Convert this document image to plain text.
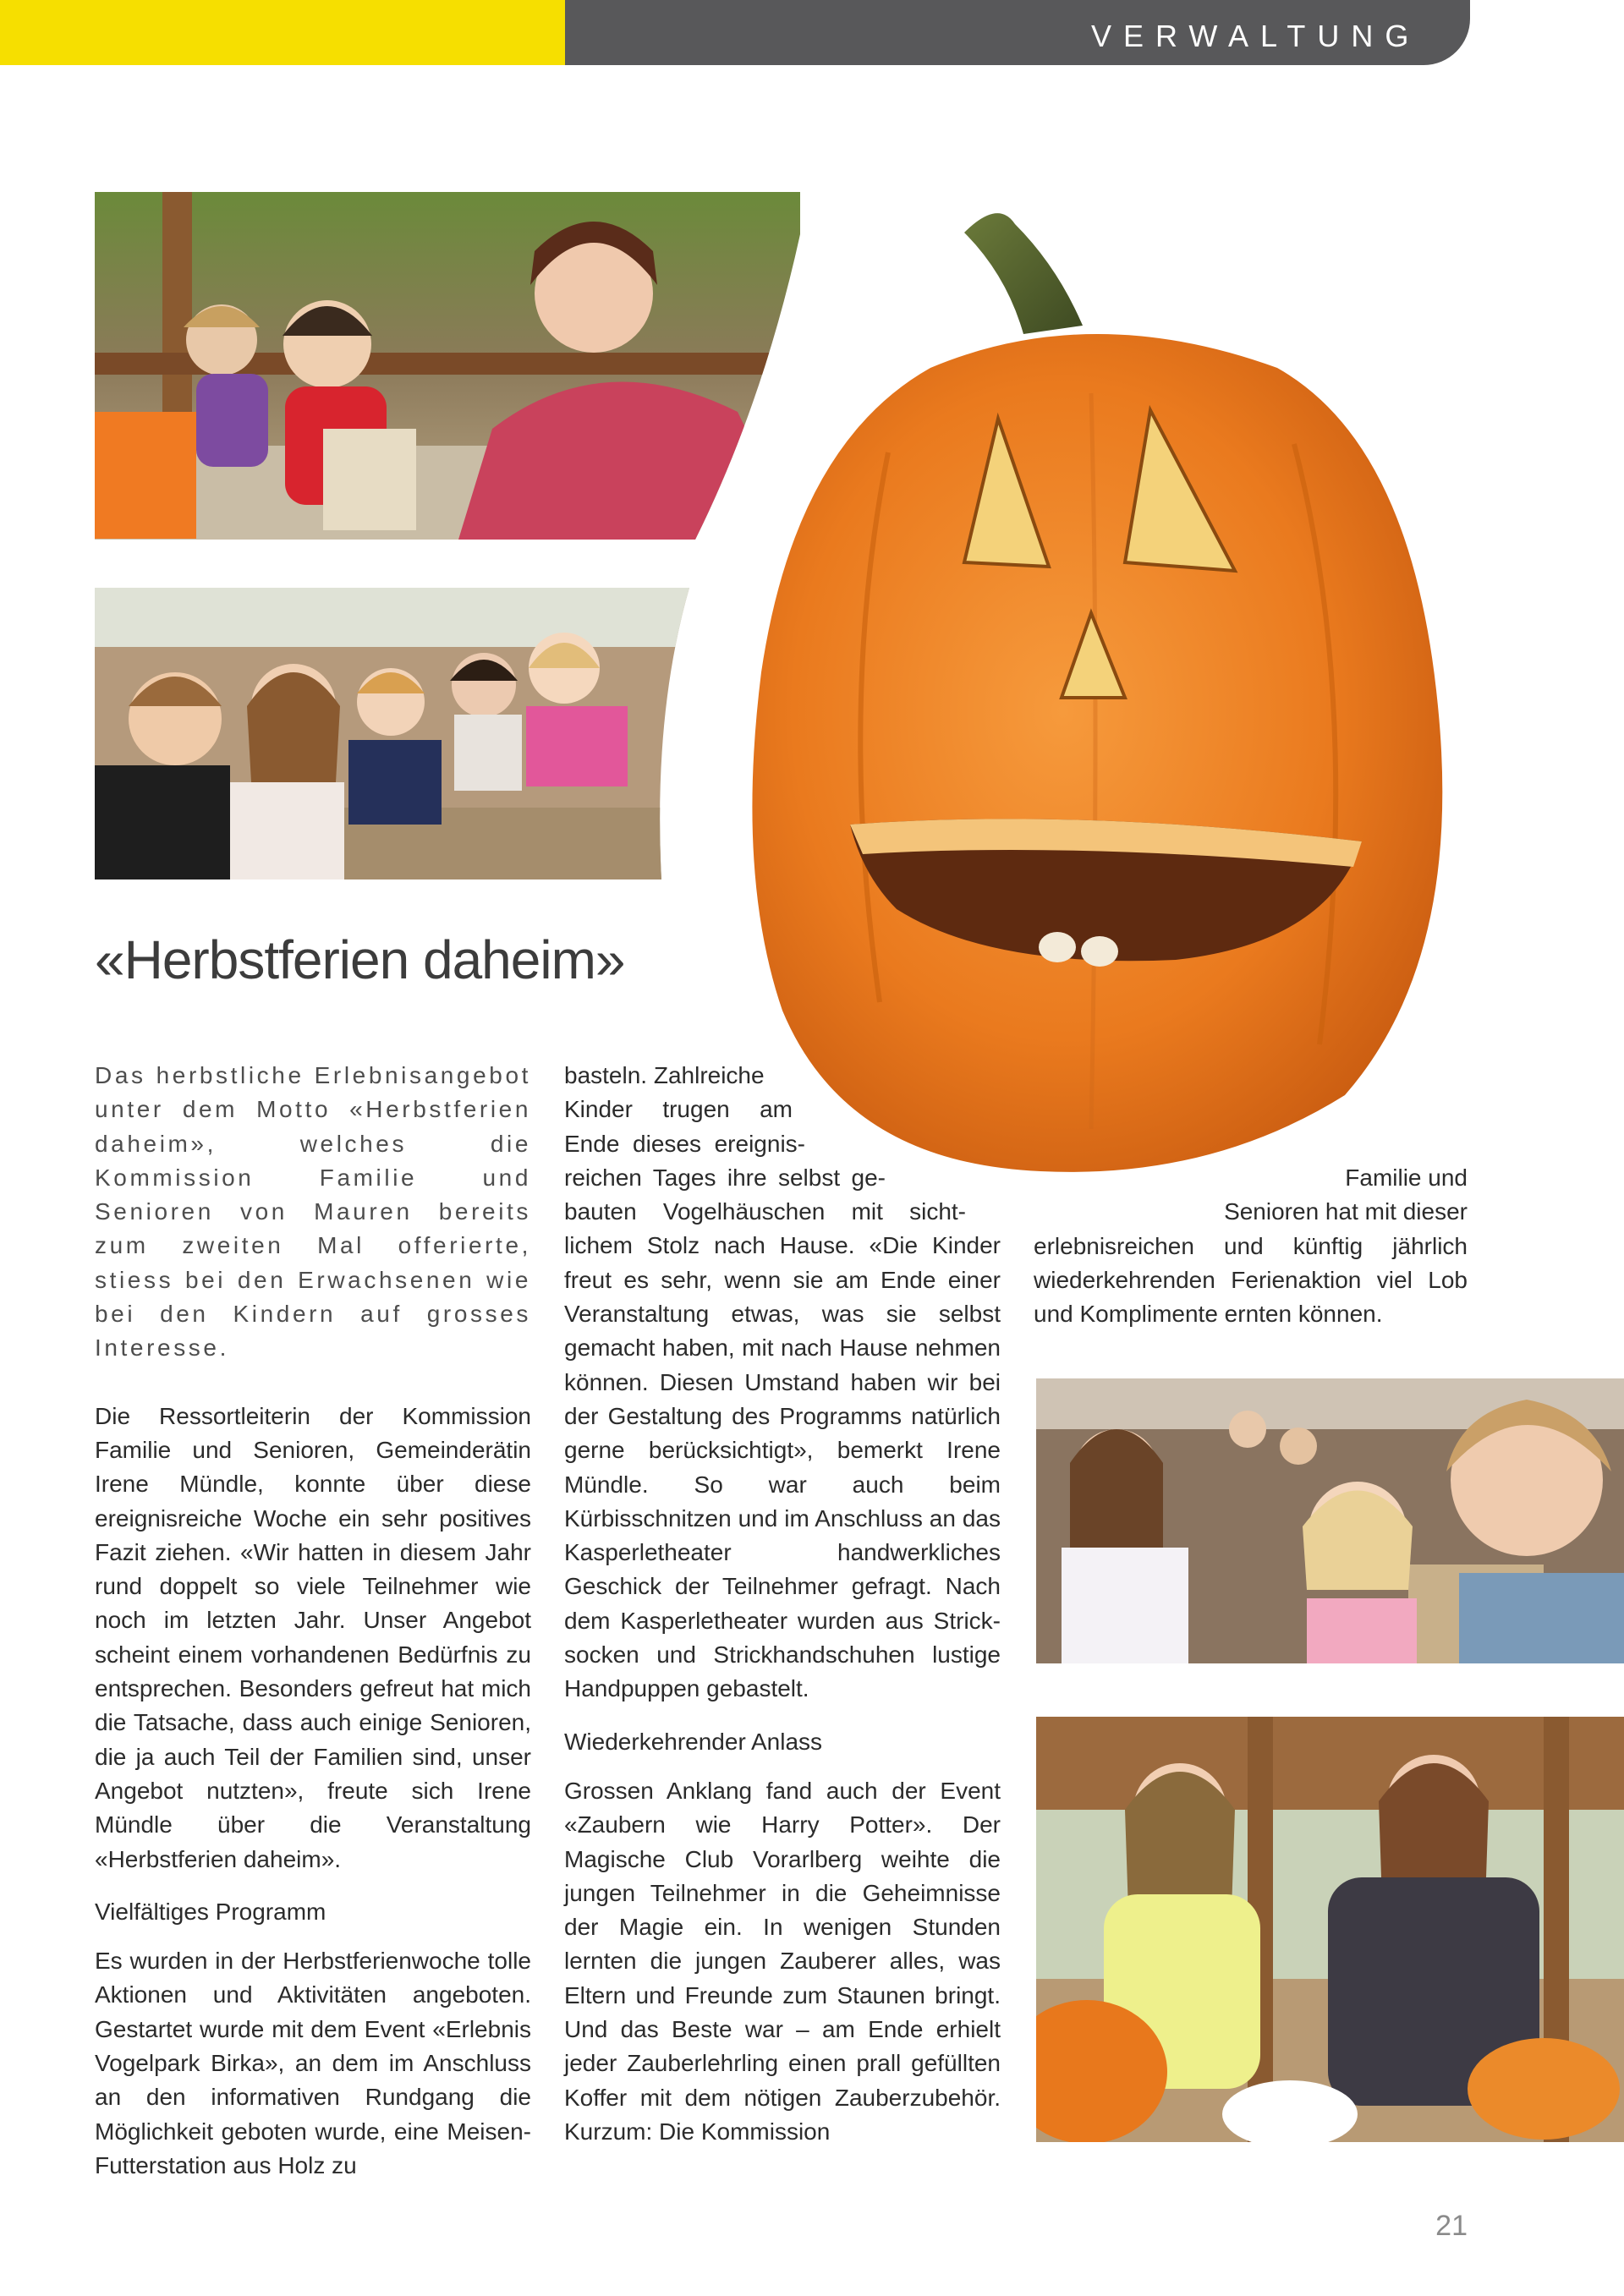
VERWALTUNG
«Herbstferien daheim»

Das herbstliche Erlebnisangebot unter dem Motto «Herbstferien daheim», welches die Kommission Familie und Senioren von Mauren bereits zum zweiten Mal offerierte, stiess bei den Erwachsenen wie bei den Kindern auf grosses Interesse.

Die Ressortleiterin der Kommission Familie und Senioren, Gemeinderätin Irene Mündle, konnte über diese ereignisreiche Woche ein sehr positives Fazit ziehen. «Wir hatten in diesem Jahr rund doppelt so viele Teilnehmer wie noch im letzten Jahr. Unser Angebot scheint einem vorhandenen Bedürfnis zu entsprechen. Besonders gefreut hat mich die Tatsache, dass auch einige Senioren, die ja auch Teil der Familien sind, unser Angebot nutzten», freute sich Irene Mündle über die Veranstaltung «Herbstferien daheim».

Vielfältiges Programm

Es wurden in der Herbstferienwoche tolle Aktionen und Aktivitäten angeboten. Gestartet wurde mit dem Event «Erlebnis Vogelpark Birka», an dem im Anschluss an den informativen Rundgang die Möglichkeit geboten wurde, eine Meisen-Futterstation aus Holz zu

basteln. Zahlreiche

Kinder trugen am

Ende dieses ereignis-

reichen Tages ihre selbst ge-

bauten Vogelhäuschen mit sicht-

lichem Stolz nach Hause. «Die Kinder freut es sehr, wenn sie am Ende einer Veranstaltung etwas, was sie selbst gemacht haben, mit nach Hause nehmen können. Diesen Umstand haben wir bei der Gestaltung des Programms natürlich gerne berücksichtigt», bemerkt Irene Mündle. So war auch beim Kürbisschnitzen und im Anschluss an das Kasperletheater handwerkliches Geschick der Teilnehmer gefragt. Nach dem Kasperletheater wurden aus Strick-socken und Strickhandschuhen lustige Handpuppen gebastelt.

Wiederkehrender Anlass

Grossen Anklang fand auch der Event «Zaubern wie Harry Potter». Der Magische Club Vorarlberg weihte die jungen Teilnehmer in die Geheimnisse der Magie ein. In wenigen Stunden lernten die jungen Zauberer alles, was Eltern und Freunde zum Staunen bringt. Und das Beste war – am Ende erhielt jeder Zauberlehrling einen prall gefüllten Koffer mit dem nötigen Zauberzubehör. Kurzum: Die Kommission

Familie und

Senioren hat mit dieser

erlebnisreichen und künftig jährlich wiederkehrenden Ferienaktion viel Lob und Komplimente ernten können.

21
